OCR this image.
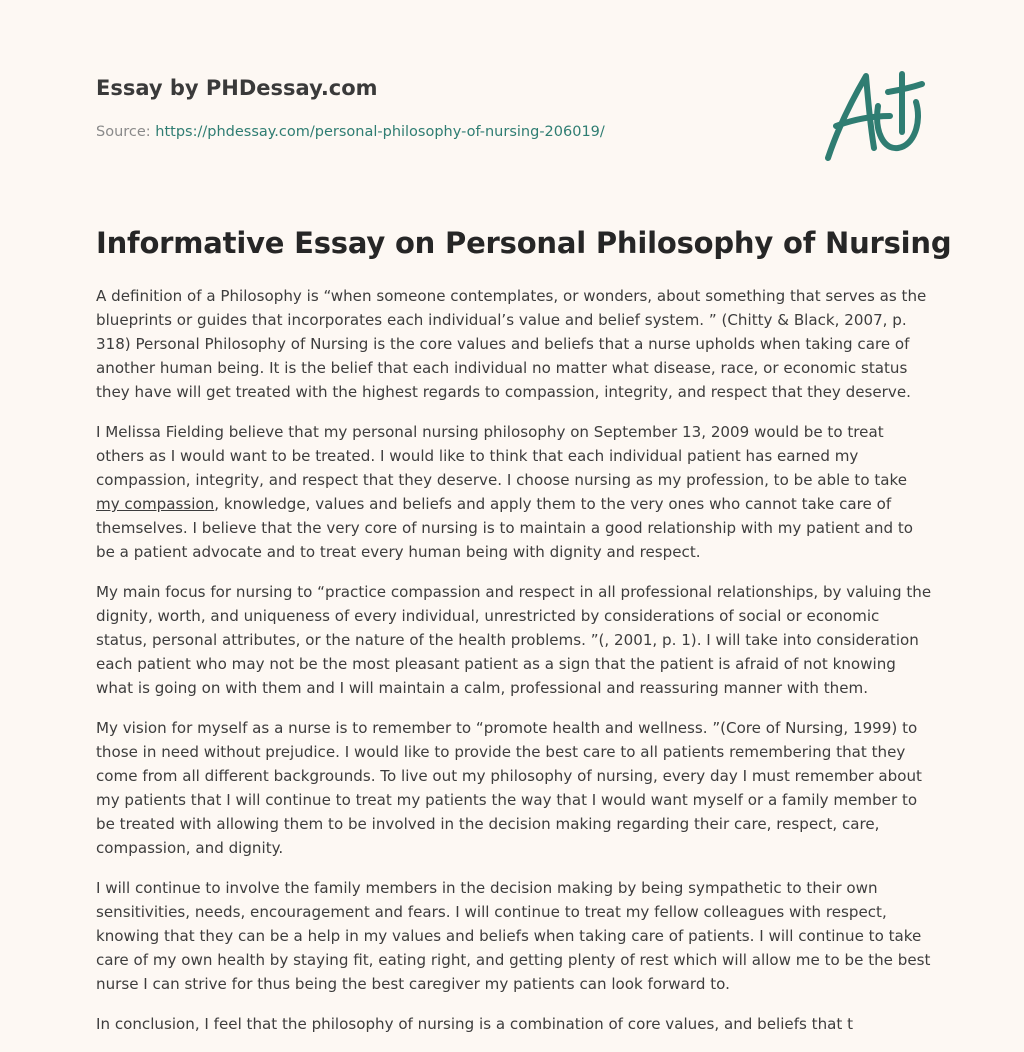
Essay by PHDessay.com
Source: https://phdessay.com/personal-philosophy-of-nursing-206019/
Informative Essay on Personal Philosophy of Nursing

A definition of a Philosophy is “when someone contemplates, or wonders, about something that serves as the blueprints or guides that incorporates each individual’s value and belief system. ” (Chitty & Black, 2007, p. 318) Personal Philosophy of Nursing is the core values and beliefs that a nurse upholds when taking care of another human being. It is the belief that each individual no matter what disease, race, or economic status they have will get treated with the highest regards to compassion, integrity, and respect that they deserve.

I Melissa Fielding believe that my personal nursing philosophy on September 13, 2009 would be to treat others as I would want to be treated. I would like to think that each individual patient has earned my compassion, integrity, and respect that they deserve. I choose nursing as my profession, to be able to take my compassion, knowledge, values and beliefs and apply them to the very ones who cannot take care of themselves. I believe that the very core of nursing is to maintain a good relationship with my patient and to be a patient advocate and to treat every human being with dignity and respect.

My main focus for nursing to “practice compassion and respect in all professional relationships, by valuing the dignity, worth, and uniqueness of every individual, unrestricted by considerations of social or economic status, personal attributes, or the nature of the health problems. ”(, 2001, p. 1). I will take into consideration each patient who may not be the most pleasant patient as a sign that the patient is afraid of not knowing what is going on with them and I will maintain a calm, professional and reassuring manner with them.

My vision for myself as a nurse is to remember to “promote health and wellness. ”(Core of Nursing, 1999) to those in need without prejudice. I would like to provide the best care to all patients remembering that they come from all different backgrounds. To live out my philosophy of nursing, every day I must remember about my patients that I will continue to treat my patients the way that I would want myself or a family member to be treated with allowing them to be involved in the decision making regarding their care, respect, care, compassion, and dignity.

I will continue to involve the family members in the decision making by being sympathetic to their own sensitivities, needs, encouragement and fears. I will continue to treat my fellow colleagues with respect, knowing that they can be a help in my values and beliefs when taking care of patients. I will continue to take care of my own health by staying fit, eating right, and getting plenty of rest which will allow me to be the best nurse I can strive for thus being the best caregiver my patients can look forward to.

In conclusion, I feel that the philosophy of nursing is a combination of core values, and beliefs that t
